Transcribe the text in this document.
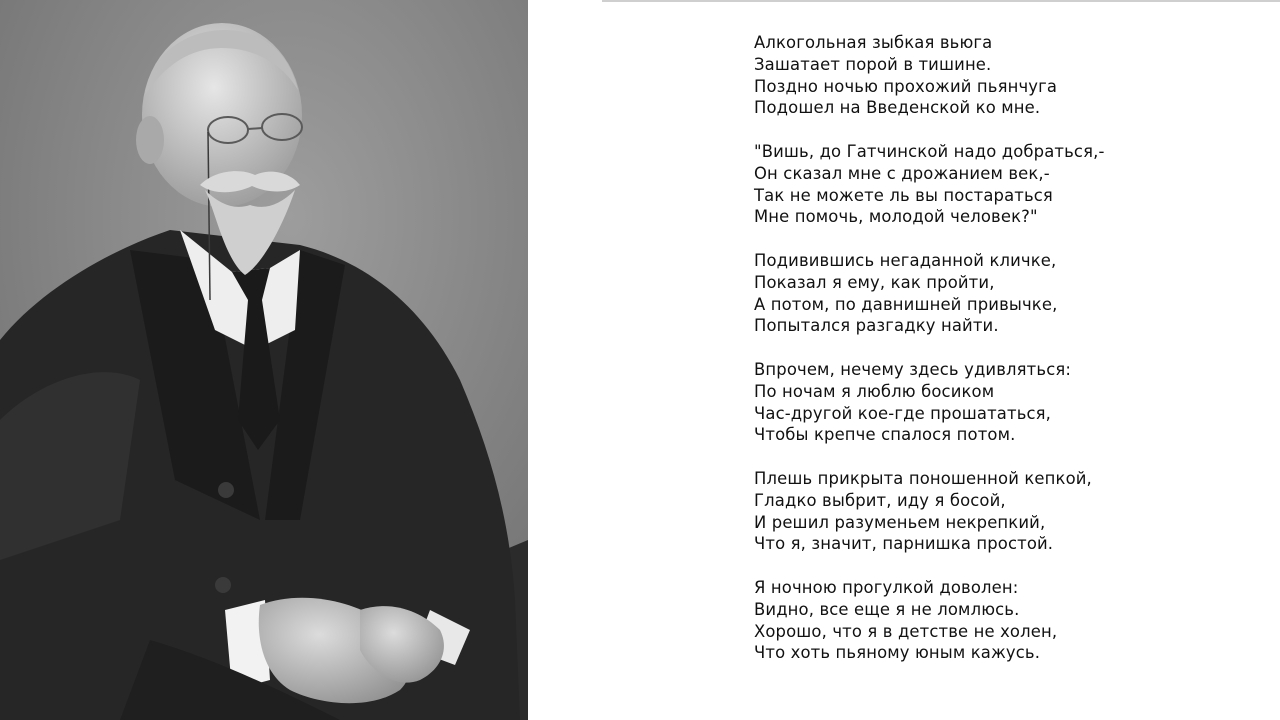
Алкогольная зыбкая вьюга
Зашатает порой в тишине.
Поздно ночью прохожий пьянчуга
Подошел на Введенской ко мне.
"Вишь, до Гатчинской надо добраться,-
Он сказал мне с дрожанием век,-
Так не можете ль вы постараться
Мне помочь, молодой человек?"
Подивившись негаданной кличке,
Показал я ему, как пройти,
А потом, по давнишней привычке,
Попытался разгадку найти.
Впрочем, нечему здесь удивляться:
По ночам я люблю босиком
Час-другой кое-где прошататься,
Чтобы крепче спалося потом.
Плешь прикрыта поношенной кепкой,
Гладко выбрит, иду я босой,
И решил разуменьем некрепкий,
Что я, значит, парнишка простой.
Я ночною прогулкой доволен:
Видно, все еще я не ломлюсь.
Хорошо, что я в детстве не холен,
Что хоть пьяному юным кажусь.
